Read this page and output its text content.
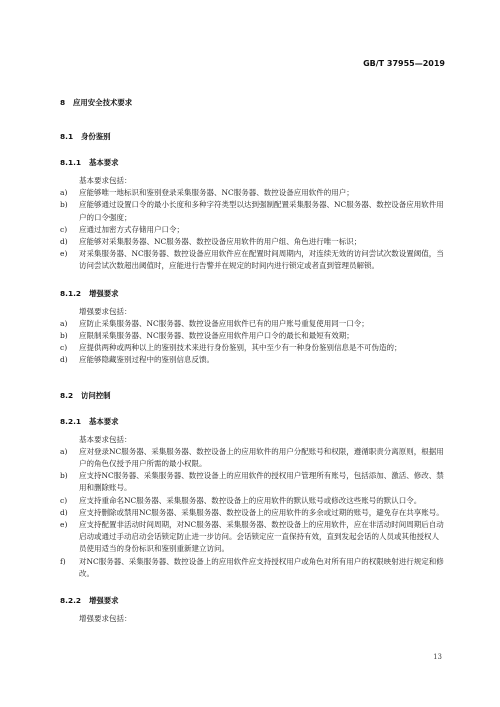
GB/T 37955—2019
8 应用安全技术要求
8.1 身份鉴别
8.1.1 基本要求
基本要求包括：
a) 应能够唯一地标识和鉴别登录采集服务器、NC服务器、数控设备应用软件的用户；
b) 应能够通过设置口令的最小长度和多种字符类型以达到强制配置采集服务器、NC服务器、数控设备应用软件用户的口令强度；
c) 应通过加密方式存储用户口令；
d) 应能够对采集服务器、NC服务器、数控设备应用软件的用户组、角色进行唯一标识；
e) 对采集服务器、NC服务器、数控设备应用软件应在配置时间周期内，对连续无效的访问尝试次数设置阈值，当访问尝试次数超出阈值时，应能进行告警并在规定的时间内进行锁定或者直到管理员解锁。
8.1.2 增强要求
增强要求包括：
a) 应防止采集服务器、NC服务器、数控设备应用软件已有的用户账号重复使用同一口令；
b) 应限制采集服务器、NC服务器、数控设备应用软件用户口令的最长和最短有效期；
c) 应提供两种或两种以上的鉴别技术来进行身份鉴别，其中至少有一种身份鉴别信息是不可伪造的；
d) 应能够隐藏鉴别过程中的鉴别信息反馈。
8.2 访问控制
8.2.1 基本要求
基本要求包括：
a) 应对登录NC服务器、采集服务器、数控设备上的应用软件的用户分配账号和权限，遵循职责分离原则，根据用户的角色仅授予用户所需的最小权限。
b) 应支持NC服务器、采集服务器、数控设备上的应用软件的授权用户管理所有账号，包括添加、激活、修改、禁用和删除账号。
c) 应支持重命名NC服务器、采集服务器、数控设备上的应用软件的默认账号或修改这些账号的默认口令。
d) 应支持删除或禁用NC服务器、采集服务器、数控设备上的应用软件的多余或过期的账号，避免存在共享账号。
e) 应支持配置非活动时间周期，对NC服务器、采集服务器、数控设备上的应用软件，应在非活动时间周期后自动启动或通过手动启动会话锁定防止进一步访问。会话锁定应一直保持有效，直到发起会话的人员或其他授权人员使用适当的身份标识和鉴别重新建立访问。
f) 对NC服务器、采集服务器、数控设备上的应用软件应支持授权用户或角色对所有用户的权限映射进行规定和修改。
8.2.2 增强要求
增强要求包括：
13
